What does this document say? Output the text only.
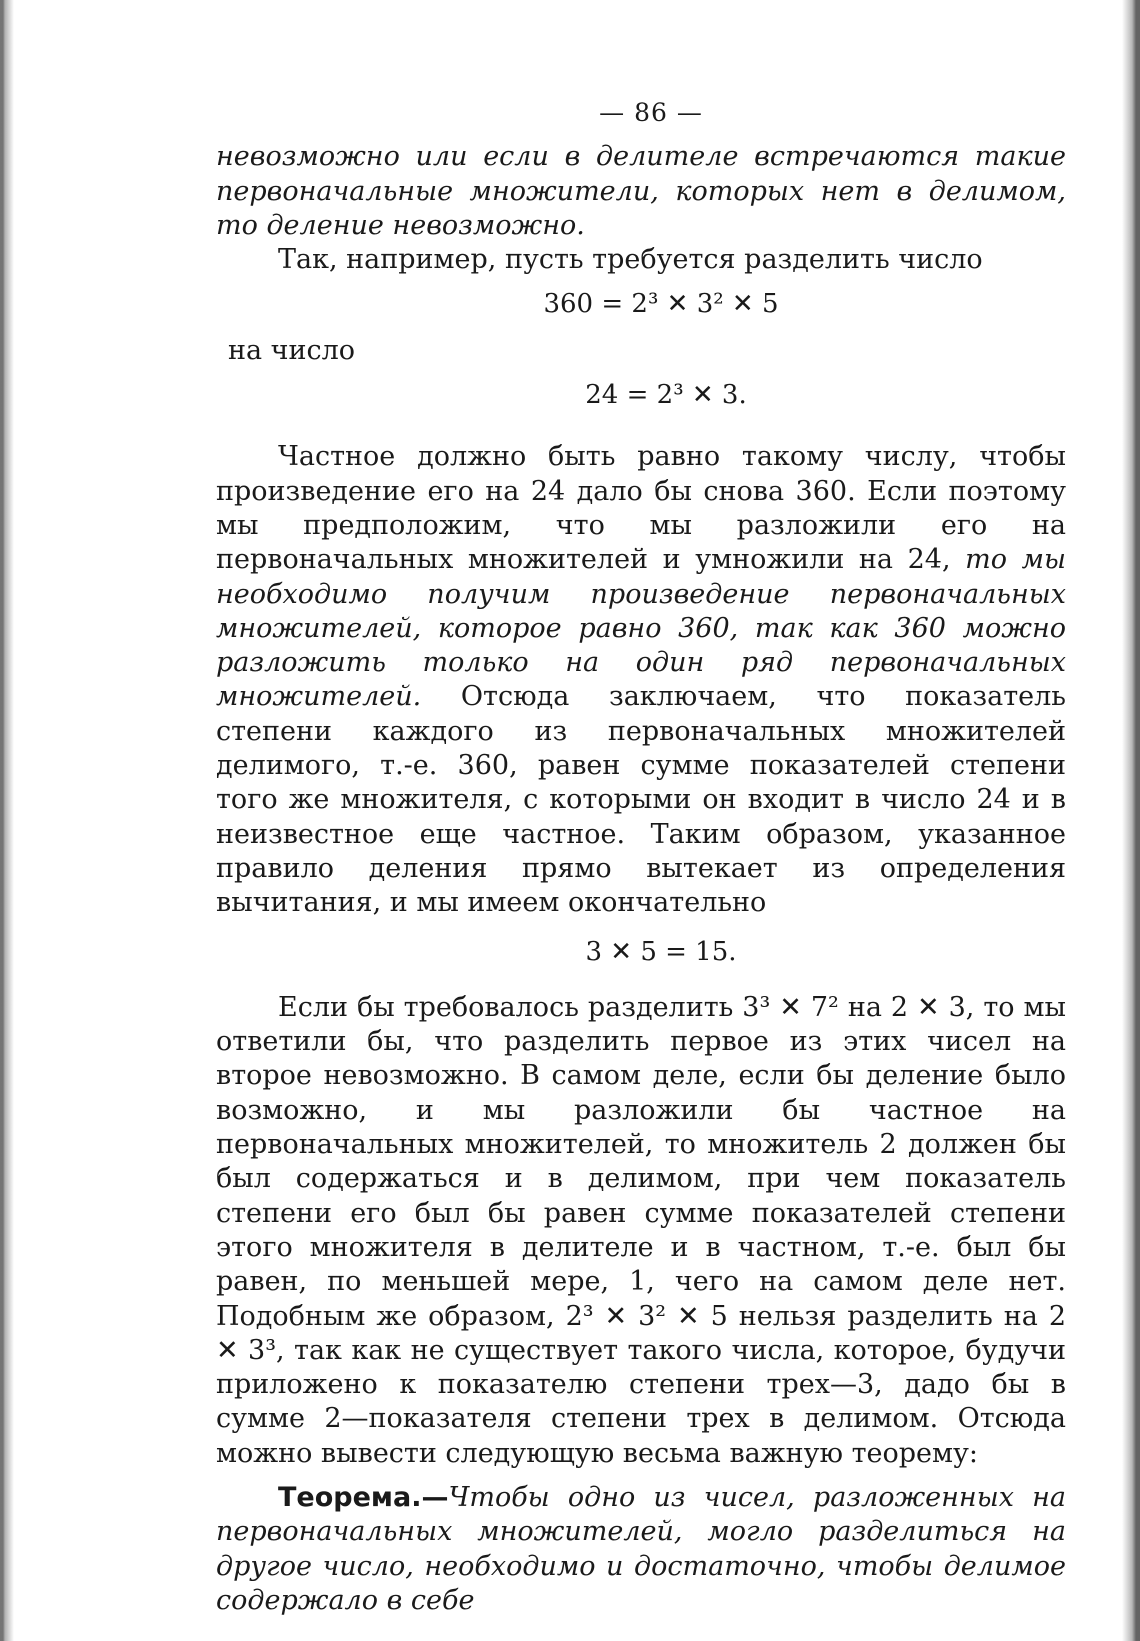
— 86 —

невозможно или если в делителе встречаются такие первоначальные множители, которых нет в делимом, то деление невозможно.

Так, например, пусть требуется разделить число

360 = 2³ ✕ 3² ✕ 5
на число
24 = 2³ ✕ 3.

Частное должно быть равно такому числу, чтобы произведение его на 24 дало бы снова 360. Если поэтому мы предположим, что мы разложили его на первоначальных множителей и умножили на 24, то мы необходимо получим произведение первоначальных множителей, которое равно 360, так как 360 можно разложить только на один ряд первоначальных множителей. Отсюда заключаем, что показатель степени каждого из первоначальных множителей делимого, т.-е. 360, равен сумме показателей степени того же множителя, с которыми он входит в число 24 и в неизвестное еще частное. Таким образом, указанное правило деления прямо вытекает из определения вычитания, и мы имеем окончательно

3 ✕ 5 = 15.

Если бы требовалось разделить 3³ ✕ 7² на 2 ✕ 3, то мы ответили бы, что разделить первое из этих чисел на второе невозможно. В самом деле, если бы деление было возможно, и мы разложили бы частное на первоначальных множителей, то множитель 2 должен бы был содержаться и в делимом, при чем показатель степени его был бы равен сумме показателей степени этого множителя в делителе и в частном, т.-е. был бы равен, по меньшей мере, 1, чего на самом деле нет. Подобным же образом, 2³ ✕ 3² ✕ 5 нельзя разделить на 2 ✕ 3³, так как не существует такого числа, которое, будучи приложено к показателю степени трех—3, дадо бы в сумме 2—показателя степени трех в делимом. Отсюда можно вывести следующую весьма важную теорему:

Теорема.—Чтобы одно из чисел, разложенных на первоначальных множителей, могло разделиться на другое число, необходимо и достаточно, чтобы делимое содержало в себе
